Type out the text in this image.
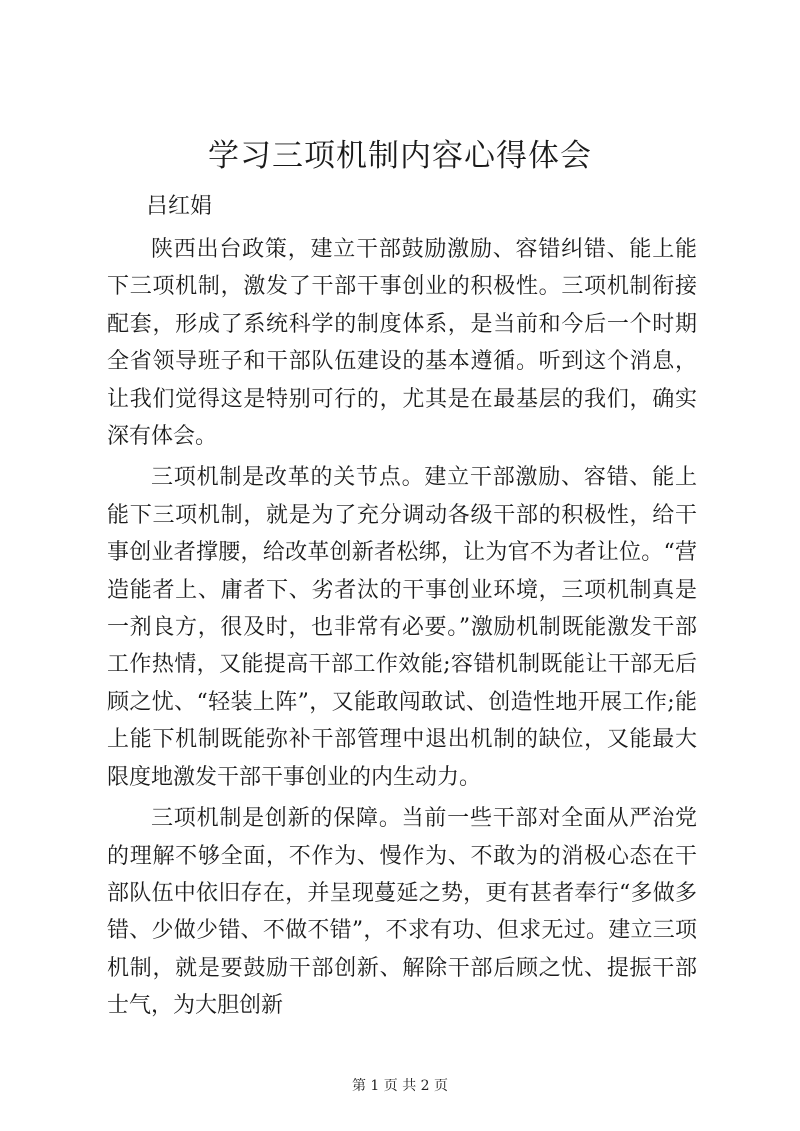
学习三项机制内容心得体会

吕红娟

陕西出台政策，建立干部鼓励激励、容错纠错、能上能下三项机制，激发了干部干事创业的积极性。三项机制衔接配套，形成了系统科学的制度体系，是当前和今后一个时期全省领导班子和干部队伍建设的基本遵循。听到这个消息，让我们觉得这是特别可行的，尤其是在最基层的我们，确实深有体会。

三项机制是改革的关节点。建立干部激励、容错、能上能下三项机制，就是为了充分调动各级干部的积极性，给干事创业者撑腰，给改革创新者松绑，让为官不为者让位。“营造能者上、庸者下、劣者汰的干事创业环境，三项机制真是一剂良方，很及时，也非常有必要。”激励机制既能激发干部工作热情，又能提高干部工作效能;容错机制既能让干部无后顾之忧、“轻装上阵”，又能敢闯敢试、创造性地开展工作;能上能下机制既能弥补干部管理中退出机制的缺位，又能最大限度地激发干部干事创业的内生动力。

三项机制是创新的保障。当前一些干部对全面从严治党的理解不够全面，不作为、慢作为、不敢为的消极心态在干部队伍中依旧存在，并呈现蔓延之势，更有甚者奉行“多做多错、少做少错、不做不错”，不求有功、但求无过。建立三项机制，就是要鼓励干部创新、解除干部后顾之忧、提振干部士气，为大胆创新

第 1 页 共 2 页
